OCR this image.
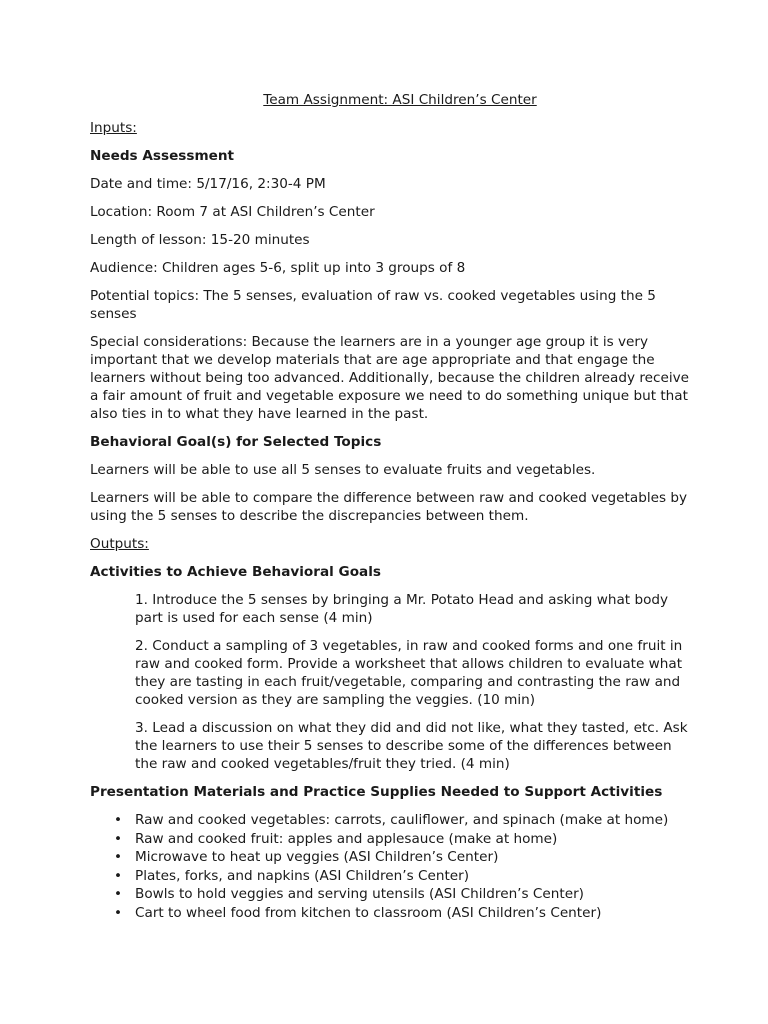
Team Assignment: ASI Children’s Center
Inputs:
Needs Assessment

Date and time: 5/17/16, 2:30-4 PM

Location: Room 7 at ASI Children’s Center

Length of lesson: 15-20 minutes

Audience: Children ages 5-6, split up into 3 groups of 8

Potential topics: The 5 senses, evaluation of raw vs. cooked vegetables using the 5 senses

Special considerations: Because the learners are in a younger age group it is very important that we develop materials that are age appropriate and that engage the learners without being too advanced. Additionally, because the children already receive a fair amount of fruit and vegetable exposure we need to do something unique but that also ties in to what they have learned in the past.

Behavioral Goal(s) for Selected Topics

Learners will be able to use all 5 senses to evaluate fruits and vegetables.

Learners will be able to compare the difference between raw and cooked vegetables by using the 5 senses to describe the discrepancies between them.

Outputs:
Activities to Achieve Behavioral Goals

1. Introduce the 5 senses by bringing a Mr. Potato Head and asking what body part is used for each sense (4 min)

2. Conduct a sampling of 3 vegetables, in raw and cooked forms and one fruit in raw and cooked form. Provide a worksheet that allows children to evaluate what they are tasting in each fruit/vegetable, comparing and contrasting the raw and cooked version as they are sampling the veggies. (10 min)

3. Lead a discussion on what they did and did not like, what they tasted, etc. Ask the learners to use their 5 senses to describe some of the differences between the raw and cooked vegetables/fruit they tried. (4 min)

Presentation Materials and Practice Supplies Needed to Support Activities
• Raw and cooked vegetables: carrots, cauliflower, and spinach (make at home)
• Raw and cooked fruit: apples and applesauce (make at home)
• Microwave to heat up veggies (ASI Children’s Center)
• Plates, forks, and napkins (ASI Children’s Center)
• Bowls to hold veggies and serving utensils (ASI Children’s Center)
• Cart to wheel food from kitchen to classroom (ASI Children’s Center)
